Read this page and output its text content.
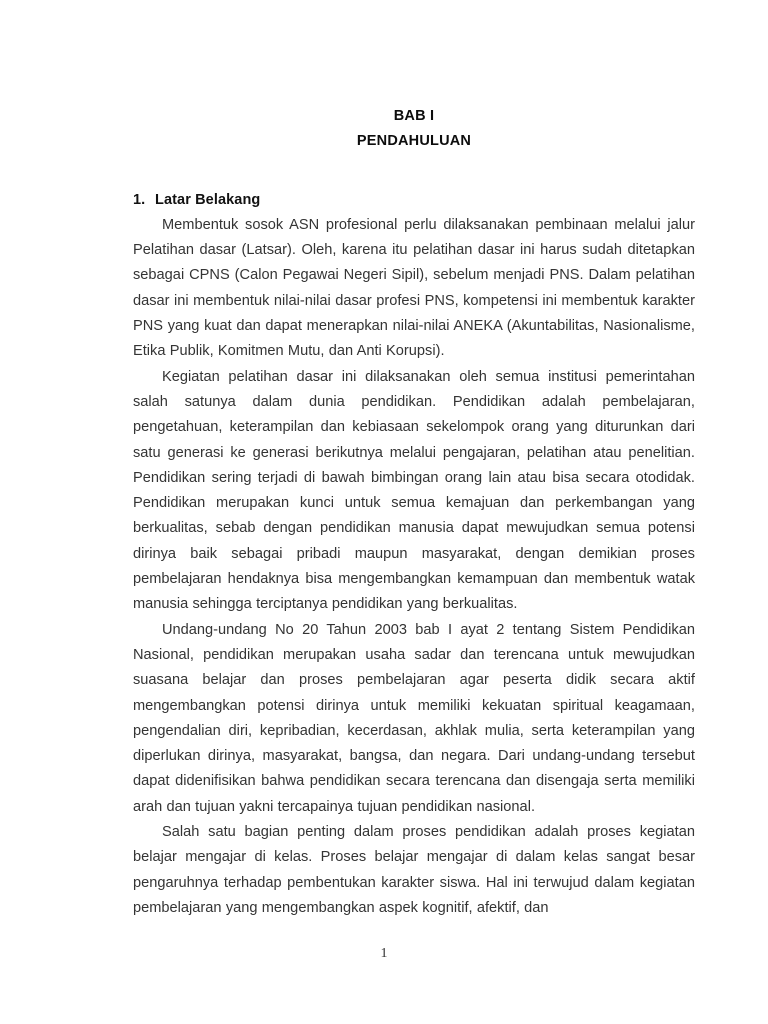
BAB I
PENDAHULUAN
1. Latar Belakang

Membentuk sosok ASN profesional perlu dilaksanakan pembinaan melalui jalur Pelatihan dasar (Latsar). Oleh, karena itu pelatihan dasar ini harus sudah ditetapkan sebagai CPNS (Calon Pegawai Negeri Sipil), sebelum menjadi PNS. Dalam pelatihan dasar ini membentuk nilai-nilai dasar profesi PNS, kompetensi ini membentuk karakter PNS yang kuat dan dapat menerapkan nilai-nilai ANEKA (Akuntabilitas, Nasionalisme, Etika Publik, Komitmen Mutu, dan Anti Korupsi).

Kegiatan pelatihan dasar ini dilaksanakan oleh semua institusi pemerintahan salah satunya dalam dunia pendidikan. Pendidikan adalah pembelajaran, pengetahuan, keterampilan dan kebiasaan sekelompok orang yang diturunkan dari satu generasi ke generasi berikutnya melalui pengajaran, pelatihan atau penelitian. Pendidikan sering terjadi di bawah bimbingan orang lain atau bisa secara otodidak. Pendidikan merupakan kunci untuk semua kemajuan dan perkembangan yang berkualitas, sebab dengan pendidikan manusia dapat mewujudkan semua potensi dirinya baik sebagai pribadi maupun masyarakat, dengan demikian proses pembelajaran hendaknya bisa mengembangkan kemampuan dan membentuk watak manusia sehingga terciptanya pendidikan yang berkualitas.

Undang-undang No 20 Tahun 2003 bab I ayat 2 tentang Sistem Pendidikan Nasional, pendidikan merupakan usaha sadar dan terencana untuk mewujudkan suasana belajar dan proses pembelajaran agar peserta didik secara aktif mengembangkan potensi dirinya untuk memiliki kekuatan spiritual keagamaan, pengendalian diri, kepribadian, kecerdasan, akhlak mulia, serta keterampilan yang diperlukan dirinya, masyarakat, bangsa, dan negara. Dari undang-undang tersebut dapat didenifisikan bahwa pendidikan secara terencana dan disengaja serta memiliki arah dan tujuan yakni tercapainya tujuan pendidikan nasional.

Salah satu bagian penting dalam proses pendidikan adalah proses kegiatan belajar mengajar di kelas. Proses belajar mengajar di dalam kelas sangat besar pengaruhnya terhadap pembentukan karakter siswa. Hal ini terwujud dalam kegiatan pembelajaran yang mengembangkan aspek kognitif, afektif, dan

1
